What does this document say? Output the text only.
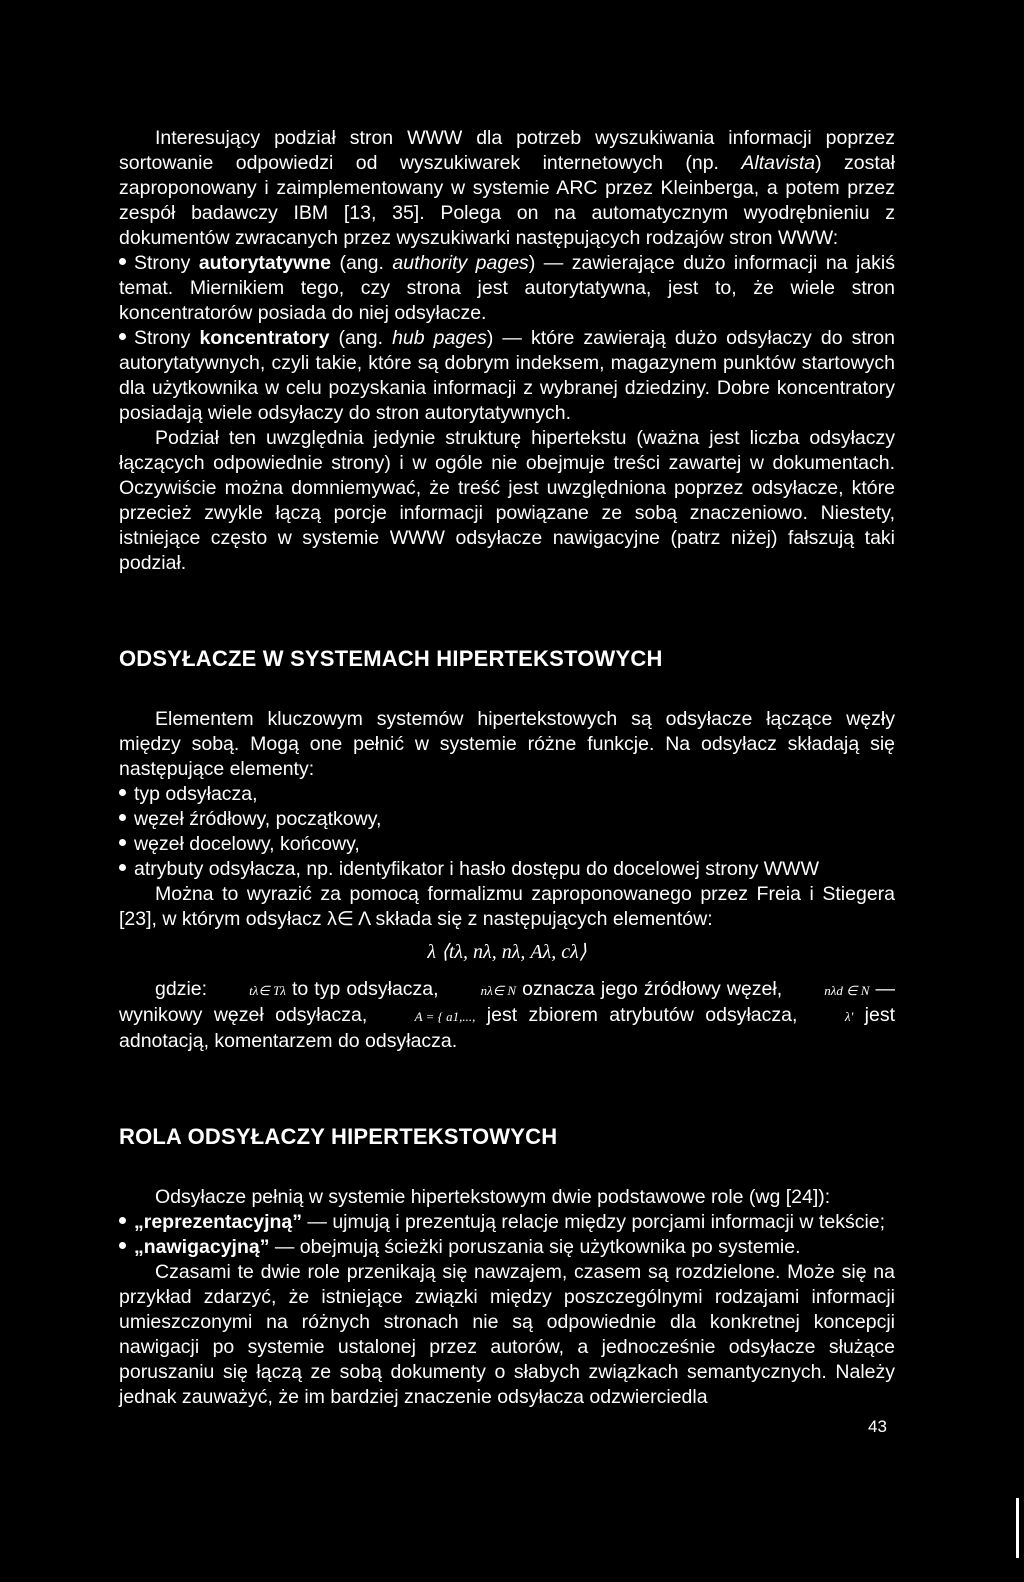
Interesujący podział stron WWW dla potrzeb wyszukiwania informacji poprzez sortowanie odpowiedzi od wyszukiwarek internetowych (np. Altavista) został zaproponowany i zaimplementowany w systemie ARC przez Kleinberga, a potem przez zespół badawczy IBM [13, 35]. Polega on na automatycznym wyodrębnieniu z dokumentów zwracanych przez wyszukiwarki następujących rodzajów stron WWW:

Strony autorytatywne (ang. authority pages) — zawierające dużo informacji na jakiś temat. Miernikiem tego, czy strona jest autorytatywna, jest to, że wiele stron koncentratorów posiada do niej odsyłacze.

Strony koncentratory (ang. hub pages) — które zawierają dużo odsyłaczy do stron autorytatywnych, czyli takie, które są dobrym indeksem, magazynem punktów startowych dla użytkownika w celu pozyskania informacji z wybranej dziedziny. Dobre koncentratory posiadają wiele odsyłaczy do stron autorytatywnych.

Podział ten uwzględnia jedynie strukturę hipertekstu (ważna jest liczba odsyłaczy łączących odpowiednie strony) i w ogóle nie obejmuje treści zawartej w dokumentach. Oczywiście można domniemywać, że treść jest uwzględniona poprzez odsyłacze, które przecież zwykle łączą porcje informacji powiązane ze sobą znaczeniowo. Niestety, istniejące często w systemie WWW odsyłacze nawigacyjne (patrz niżej) fałszują taki podział.

ODSYŁACZE W SYSTEMACH HIPERTEKSTOWYCH

Elementem kluczowym systemów hipertekstowych są odsyłacze łączące węzły między sobą. Mogą one pełnić w systemie różne funkcje. Na odsyłacz składają się następujące elementy:

typ odsyłacza,

węzeł źródłowy, początkowy,

węzeł docelowy, końcowy,

atrybuty odsyłacza, np. identyfikator i hasło dostępu do docelowej strony WWW

Można to wyrazić za pomocą formalizmu zaproponowanego przez Freia i Stiegera [23], w którym odsyłacz λ∈ Λ składa się z następujących elementów:

λ ⟨tλ, nλ, nλ, Aλ, cλ⟩

gdzie:	tλ∈ Tλ to typ odsyłacza,	nλ∈ N oznacza jego źródłowy węzeł,	nλd ∈ N — wynikowy węzeł odsyłacza,	A = { a1,..., jest zbiorem atrybutów odsyłacza,	λ' jest adnotacją, komentarzem do odsyłacza.

ROLA ODSYŁACZY HIPERTEKSTOWYCH

Odsyłacze pełnią w systemie hipertekstowym dwie podstawowe role (wg [24]):

„reprezentacyjną” — ujmują i prezentują relacje między porcjami informacji w tekście;

„nawigacyjną” — obejmują ścieżki poruszania się użytkownika po systemie.

Czasami te dwie role przenikają się nawzajem, czasem są rozdzielone. Może się na przykład zdarzyć, że istniejące związki między poszczególnymi rodzajami informacji umieszczonymi na różnych stronach nie są odpowiednie dla konkretnej koncepcji nawigacji po systemie ustalonej przez autorów, a jednocześnie odsyłacze służące poruszaniu się łączą ze sobą dokumenty o słabych związkach semantycznych. Należy jednak zauważyć, że im bardziej znaczenie odsyłacza odzwierciedla

43
